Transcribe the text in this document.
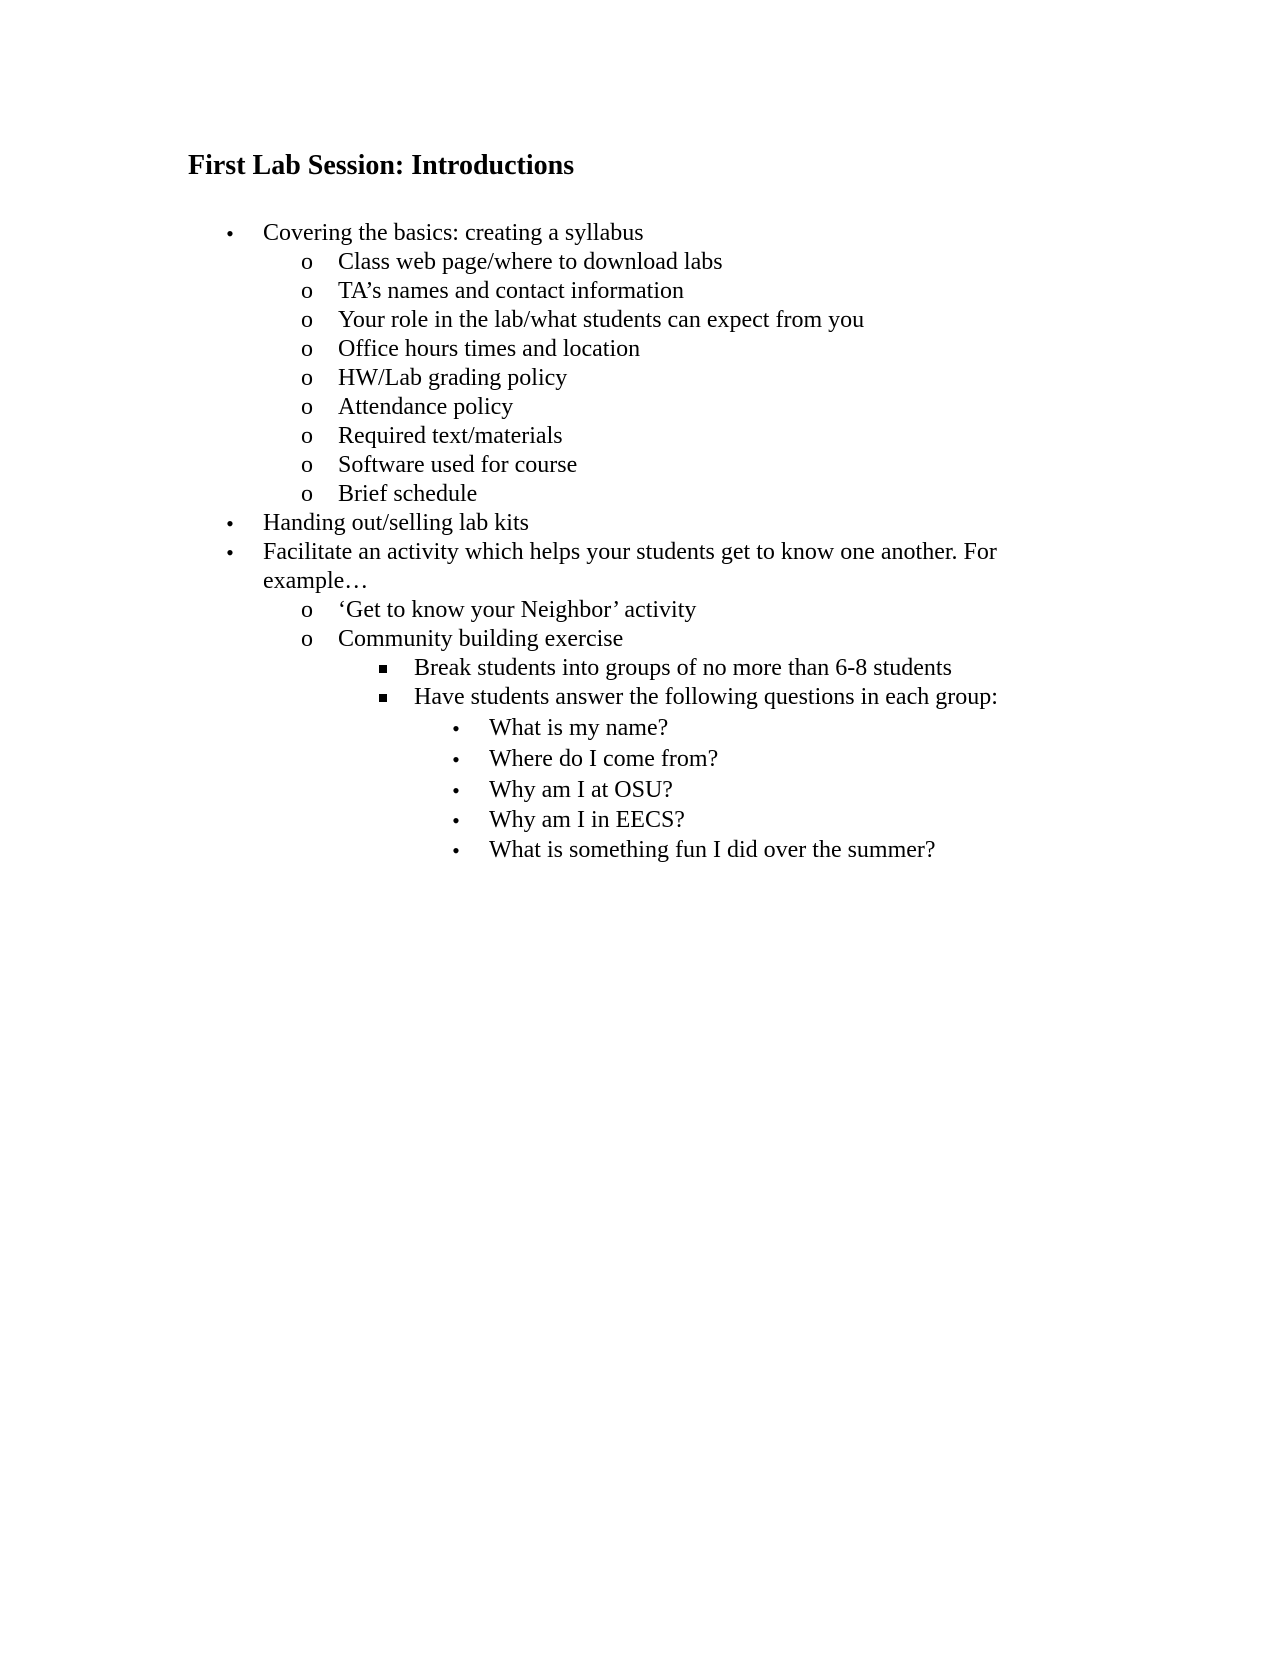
First Lab Session: Introductions
• Covering the basics: creating a syllabus
o Class web page/where to download labs
o TA’s names and contact information
o Your role in the lab/what students can expect from you
o Office hours times and location
o HW/Lab grading policy
o Attendance policy
o Required text/materials
o Software used for course
o Brief schedule
• Handing out/selling lab kits
• Facilitate an activity which helps your students get to know one another. For example…
o ‘Get to know your Neighbor’ activity
o Community building exercise
Break students into groups of no more than 6-8 students
Have students answer the following questions in each group:
• What is my name?
• Where do I come from?
• Why am I at OSU?
• Why am I in EECS?
• What is something fun I did over the summer?
